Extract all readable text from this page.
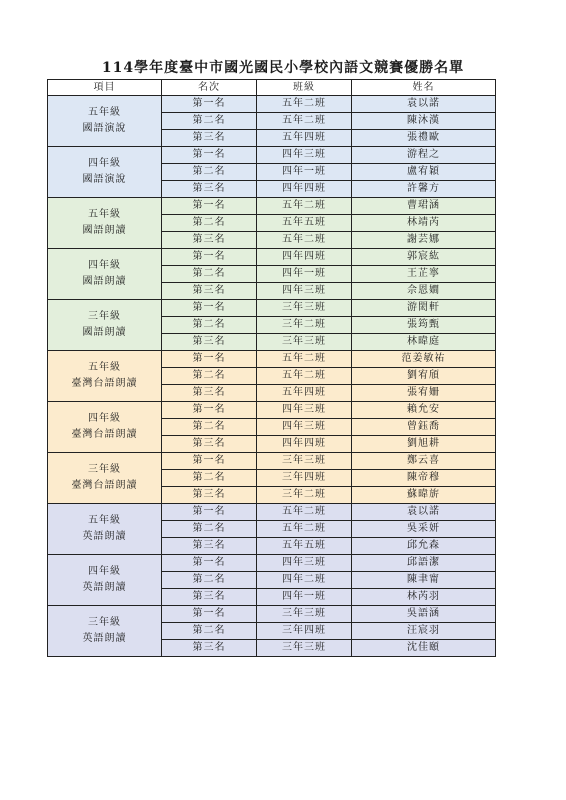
114學年度臺中市國光國民小學校內語文競賽優勝名單
項目	名次	班級	姓名

五年級
國語演說	第一名	五年二班	袁以諾
	第二名	五年二班	陳沐漢
	第三名	五年四班	張禮歐

四年級
國語演說	第一名	四年三班	游程之
	第二名	四年一班	盧宥穎
	第三名	四年四班	許馨方

五年級
國語朗讀	第一名	五年二班	曹珺涵
	第二名	五年五班	林靖芮
	第三名	五年二班	謝芸娜

四年級
國語朗讀	第一名	四年四班	郭宸紘
	第二名	四年一班	王芷寧
	第三名	四年三班	佘恩嫺

三年級
國語朗讀	第一名	三年三班	游閎軒
	第二名	三年二班	張筠甄
	第三名	三年三班	林暐庭

五年級
臺灣台語朗讀	第一名	五年二班	范姜敏祐
	第二名	五年二班	劉宥頎
	第三名	五年四班	張宥姍

四年級
臺灣台語朗讀	第一名	四年三班	賴允安
	第二名	四年三班	曾鈺喬
	第三名	四年四班	劉旭耕

三年級
臺灣台語朗讀	第一名	三年三班	鄭云喜
	第二名	三年四班	陳帝穆
	第三名	三年二班	蘇暐旂

五年級
英語朗讀	第一名	五年二班	袁以諾
	第二名	五年二班	吳采妍
	第三名	五年五班	邱允森

四年級
英語朗讀	第一名	四年三班	邱語潔
	第二名	四年二班	陳聿甯
	第三名	四年一班	林芮羽

三年級
英語朗讀	第一名	三年三班	吳語涵
	第二名	三年四班	汪宸羽
	第三名	三年三班	沈佳頤
